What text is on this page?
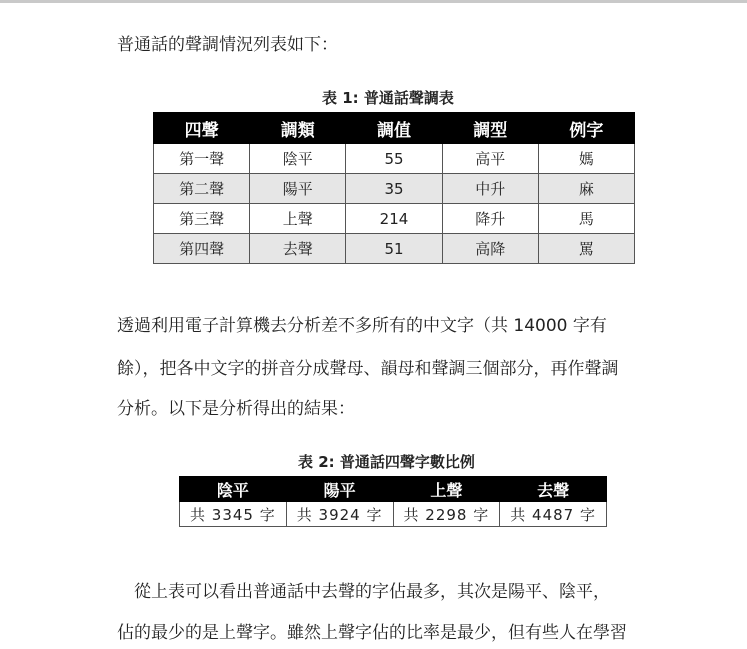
普通話的聲調情況列表如下：

表 1: 普通話聲調表

四聲	調類	調值	調型	例字
第一聲	陰平	55	高平	媽
第二聲	陽平	35	中升	麻
第三聲	上聲	214	降升	馬
第四聲	去聲	51	高降	罵

透過利用電子計算機去分析差不多所有的中文字（共 14000 字有

餘），把各中文字的拼音分成聲母、韻母和聲調三個部分，再作聲調

分析。以下是分析得出的結果：

表 2: 普通話四聲字數比例

陰平	陽平	上聲	去聲
共 3345 字	共 3924 字	共 2298 字	共 4487 字

　從上表可以看出普通話中去聲的字佔最多，其次是陽平、陰平，

佔的最少的是上聲字。雖然上聲字佔的比率是最少，但有些人在學習
